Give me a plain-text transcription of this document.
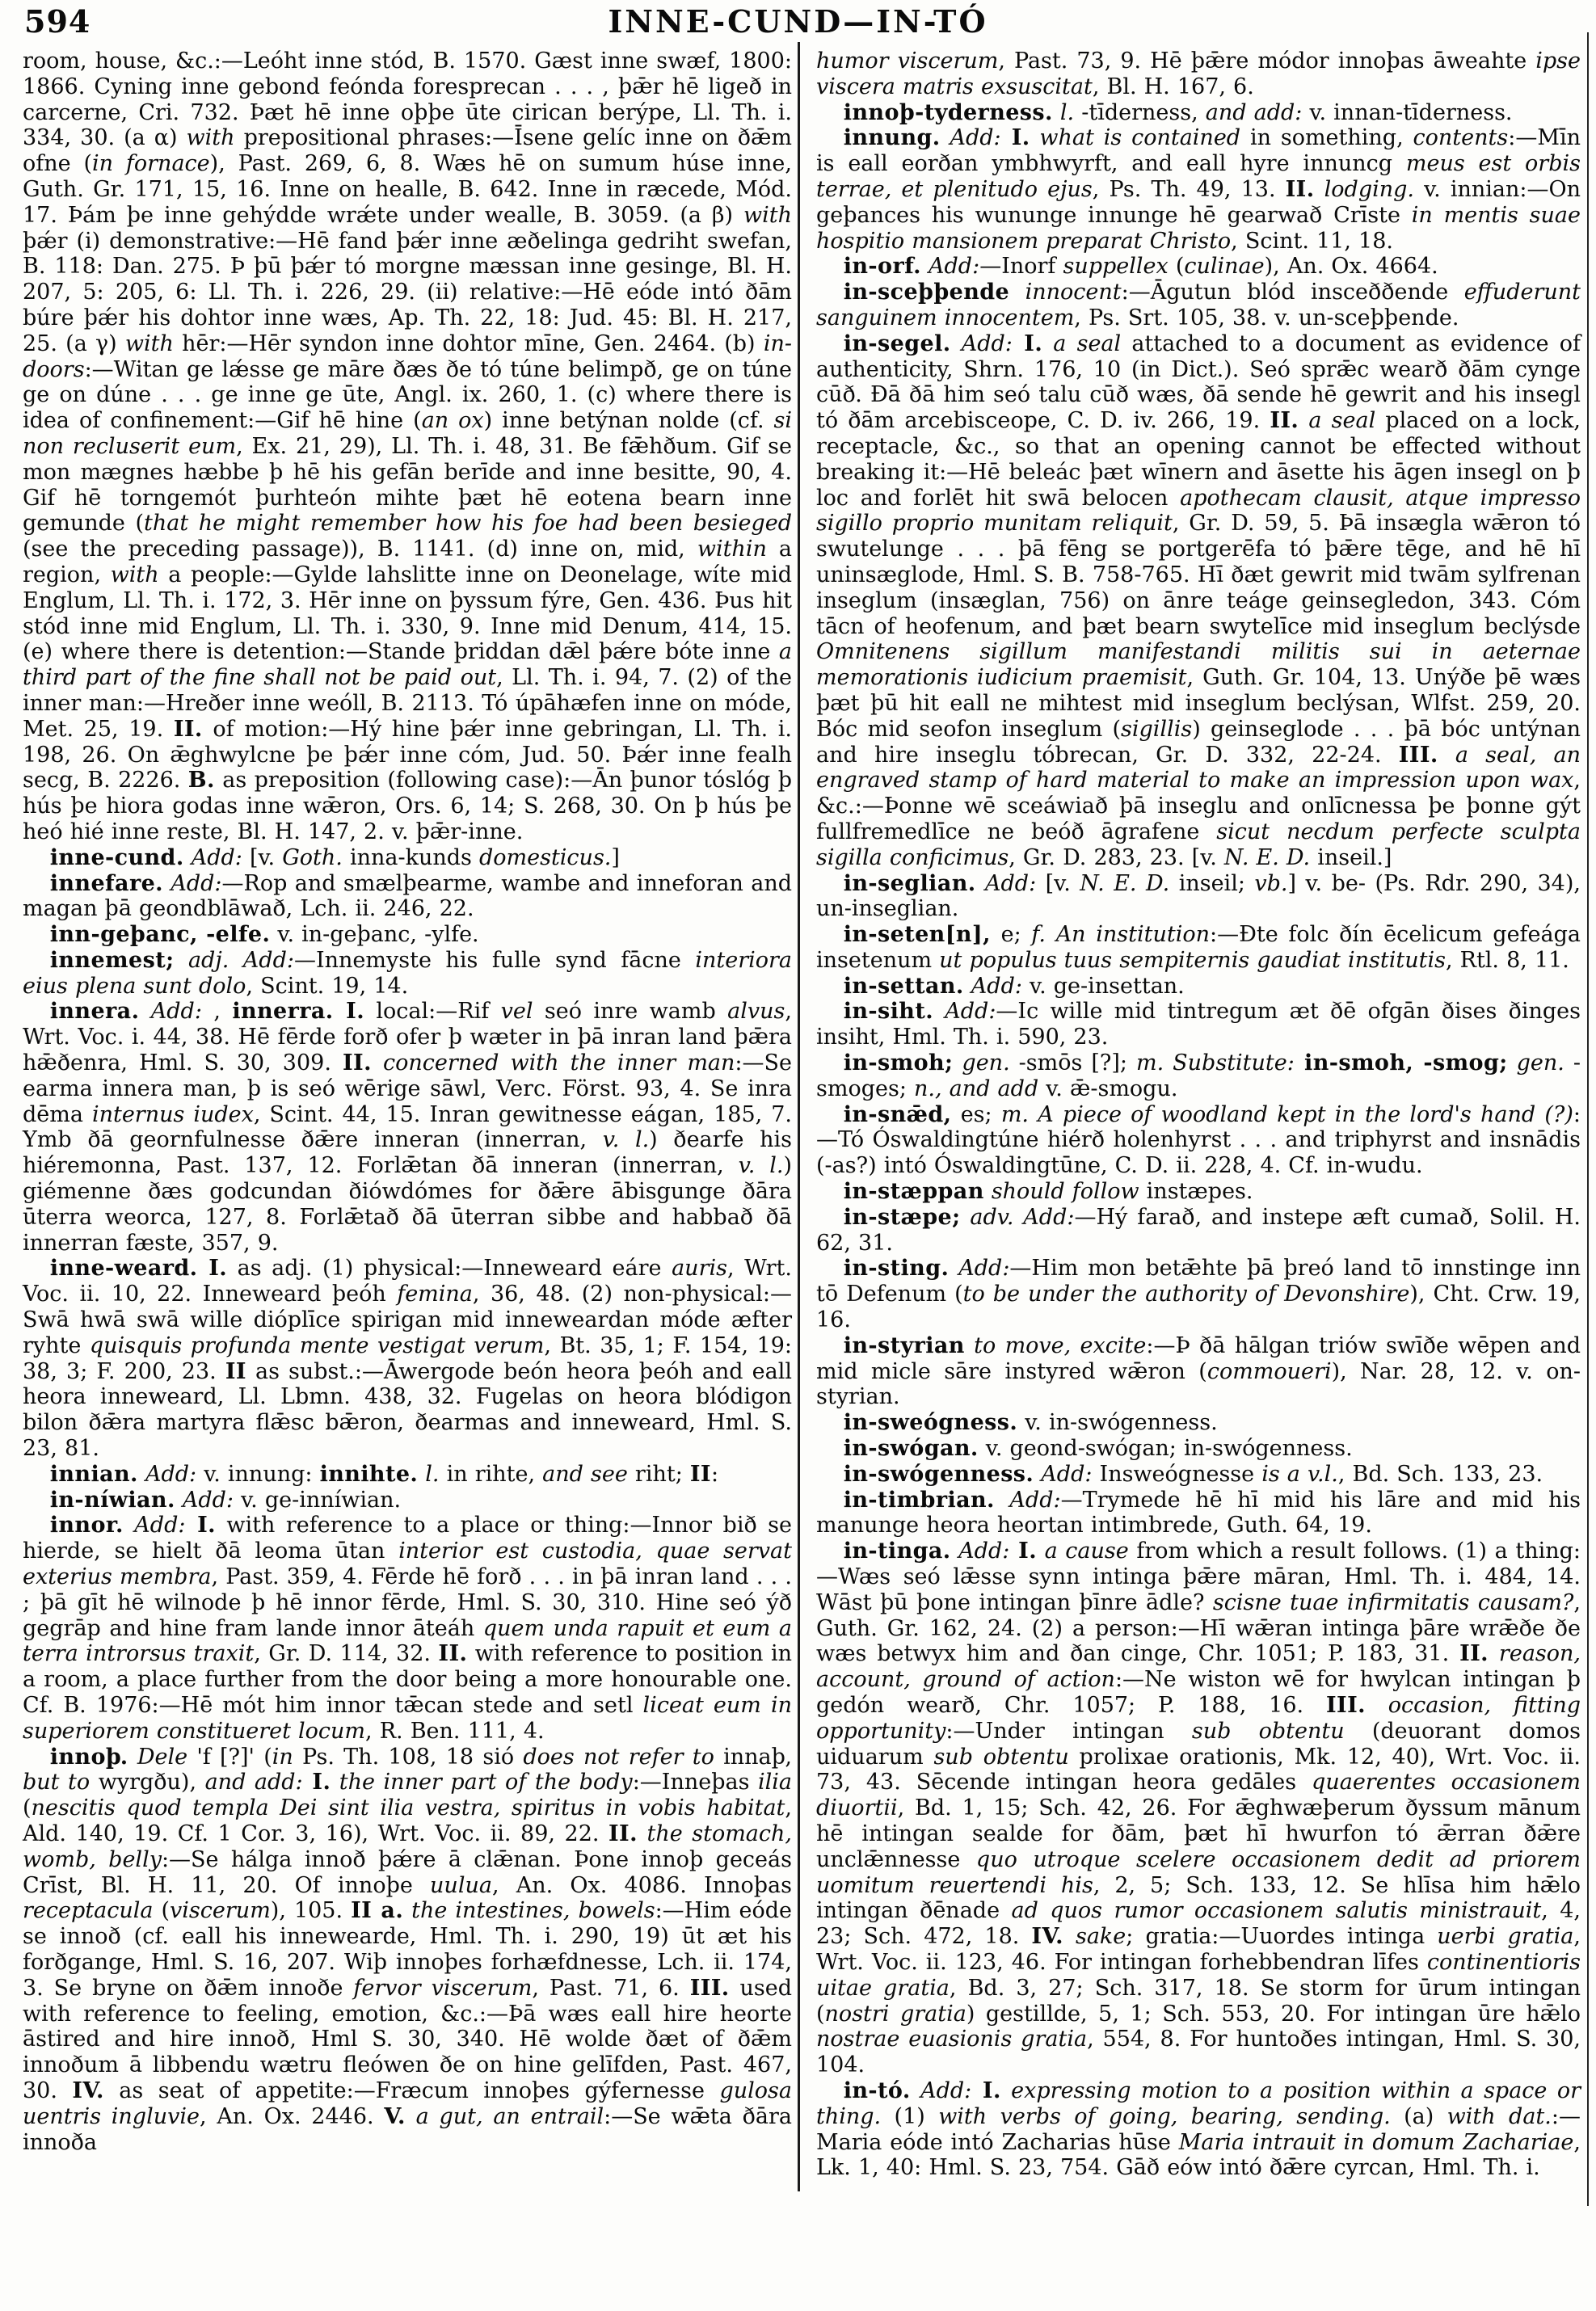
594	INNE-CUND—IN-TÓ

room, house, &c.:—Leóht inne stód, B. 1570. Gæst inne swæf, 1800: 1866. Cyning inne gebond feónda foresprecan . . . , þǣr hē ligeð in carcerne, Cri. 732. Þæt hē inne oþþe ūte cirican berýpe, Ll. Th. i. 334, 30. (a α) with prepositional phrases:—Īsene gelíc inne on ðǣm ofne (in fornace), Past. 269, 6, 8. Wæs hē on sumum húse inne, Guth. Gr. 171, 15, 16. Inne on healle, B. 642. Inne in ræcede, Mód. 17. Þám þe inne gehýdde wrǽte under wealle, B. 3059. (a β) with þǽr (i) demonstrative:—Hē fand þǽr inne æðelinga gedriht swefan, B. 118: Dan. 275. Þ þū þǽr tó morgne mæssan inne gesinge, Bl. H. 207, 5: 205, 6: Ll. Th. i. 226, 29. (ii) relative:—Hē eóde intó ðām búre þǽr his dohtor inne wæs, Ap. Th. 22, 18: Jud. 45: Bl. H. 217, 25. (a γ) with hēr:—Hēr syndon inne dohtor mīne, Gen. 2464. (b) in-doors:—Witan ge lǽsse ge māre ðæs ðe tó túne belimpð, ge on túne ge on dúne . . . ge inne ge ūte, Angl. ix. 260, 1. (c) where there is idea of confinement:—Gif hē hine (an ox) inne betýnan nolde (cf. si non recluserit eum, Ex. 21, 29), Ll. Th. i. 48, 31. Be fǣhðum. Gif se mon mægnes hæbbe þ hē his gefān berīde and inne besitte, 90, 4. Gif hē torngemót þurhteón mihte þæt hē eotena bearn inne gemunde (that he might remember how his foe had been besieged (see the preceding passage)), B. 1141. (d) inne on, mid, within a region, with a people:—Gylde lahslitte inne on Deonelage, wíte mid Englum, Ll. Th. i. 172, 3. Hēr inne on þyssum fýre, Gen. 436. Þus hit stód inne mid Englum, Ll. Th. i. 330, 9. Inne mid Denum, 414, 15. (e) where there is detention:—Stande þriddan dǣl þǽre bóte inne a third part of the fine shall not be paid out, Ll. Th. i. 94, 7. (2) of the inner man:—Hreðer inne weóll, B. 2113. Tó úpāhæfen inne on móde, Met. 25, 19. II. of motion:—Hý hine þǽr inne gebringan, Ll. Th. i. 198, 26. On ǣghwylcne þe þǽr inne cóm, Jud. 50. Þǽr inne fealh secg, B. 2226. B. as preposition (following case):—Ān þunor tóslóg þ hús þe hiora godas inne wǣron, Ors. 6, 14; S. 268, 30. On þ hús þe heó hié inne reste, Bl. H. 147, 2. v. þǣr-inne.

inne-cund. Add: [v. Goth. inna-kunds domesticus.]

innefare. Add:—Rop and smælþearme, wambe and inneforan and magan þā geondblāwað, Lch. ii. 246, 22.

inn-geþanc, -elfe. v. in-geþanc, -ylfe.

innemest; adj. Add:—Innemyste his fulle synd fācne interiora eius plena sunt dolo, Scint. 19, 14.

innera. Add: , innerra. I. local:—Rif vel seó inre wamb alvus, Wrt. Voc. i. 44, 38. Hē fērde forð ofer þ wæter in þā inran land þǣra hǣðenra, Hml. S. 30, 309. II. concerned with the inner man:—Se earma innera man, þ is seó wērige sāwl, Verc. Först. 93, 4. Se inra dēma internus iudex, Scint. 44, 15. Inran gewitnesse eágan, 185, 7. Ymb ðā geornfulnesse ðǣre inneran (innerran, v. l.) ðearfe his hiéremonna, Past. 137, 12. Forlǣtan ðā inneran (innerran, v. l.) giémenne ðæs godcundan ðiówdómes for ðǣre ābisgunge ðāra ūterra weorca, 127, 8. Forlǣtað ðā ūterran sibbe and habbað ðā innerran fæste, 357, 9.

inne-weard. I. as adj. (1) physical:—Inneweard eáre auris, Wrt. Voc. ii. 10, 22. Inneweard þeóh femina, 36, 48. (2) non-physical:—Swā hwā swā wille dióplīce spirigan mid inneweardan móde æfter ryhte quisquis profunda mente vestigat verum, Bt. 35, 1; F. 154, 19: 38, 3; F. 200, 23. II as subst.:—Āwergode beón heora þeóh and eall heora inneweard, Ll. Lbmn. 438, 32. Fugelas on heora blódigon bilon ðǣra martyra flǣsc bǣron, ðearmas and inneweard, Hml. S. 23, 81.

innian. Add: v. innung: innihte. l. in rihte, and see riht; II:

in-níwian. Add: v. ge-inníwian.

innor. Add: I. with reference to a place or thing:—Innor bið se hierde, se hielt ðā leoma ūtan interior est custodia, quae servat exterius membra, Past. 359, 4. Fērde hē forð . . . in þā inran land . . . ; þā gīt hē wilnode þ hē innor fērde, Hml. S. 30, 310. Hine seó ýð gegrāp and hine fram lande innor āteáh quem unda rapuit et eum a terra introrsus traxit, Gr. D. 114, 32. II. with reference to position in a room, a place further from the door being a more honourable one. Cf. B. 1976:—Hē mót him innor tǣcan stede and setl liceat eum in superiorem constitueret locum, R. Ben. 111, 4.

innoþ. Dele 'f [?]' (in Ps. Th. 108, 18 sió does not refer to innaþ, but to wyrgðu), and add: I. the inner part of the body:—Inneþas ilia (nescitis quod templa Dei sint ilia vestra, spiritus in vobis habitat, Ald. 140, 19. Cf. 1 Cor. 3, 16), Wrt. Voc. ii. 89, 22. II. the stomach, womb, belly:—Se hálga innoð þǽre ā clǣnan. Þone innoþ geceás Crīst, Bl. H. 11, 20. Of innoþe uulua, An. Ox. 4086. Innoþas receptacula (viscerum), 105. II a. the intestines, bowels:—Him eóde se innoð (cf. eall his innewearde, Hml. Th. i. 290, 19) ūt æt his forðgange, Hml. S. 16, 207. Wiþ innoþes forhæfdnesse, Lch. ii. 174, 3. Se bryne on ðǣm innoðe fervor viscerum, Past. 71, 6. III. used with reference to feeling, emotion, &c.:—Þā wæs eall hire heorte āstired and hire innoð, Hml S. 30, 340. Hē wolde ðæt of ðǣm innoðum ā libbendu wætru fleówen ðe on hine gelīfden, Past. 467, 30. IV. as seat of appetite:—Fræcum innoþes gýfernesse gulosa uentris ingluvie, An. Ox. 2446. V. a gut, an entrail:—Se wǣta ðāra innoða

humor viscerum, Past. 73, 9. Hē þǣre módor innoþas āweahte ipse viscera matris exsuscitat, Bl. H. 167, 6.

innoþ-tyderness. l. -tīderness, and add: v. innan-tīderness.

innung. Add: I. what is contained in something, contents:—Mīn is eall eorðan ymbhwyrft, and eall hyre innuncg meus est orbis terrae, et plenitudo ejus, Ps. Th. 49, 13. II. lodging. v. innian:—On geþances his wununge innunge hē gearwað Crīste in mentis suae hospitio mansionem preparat Christo, Scint. 11, 18.

in-orf. Add:—Inorf suppellex (culinae), An. Ox. 4664.

in-sceþþende innocent:—Āgutun blód insceððende effuderunt sanguinem innocentem, Ps. Srt. 105, 38. v. un-sceþþende.

in-segel. Add: I. a seal attached to a document as evidence of authenticity, Shrn. 176, 10 (in Dict.). Seó sprǣc wearð ðām cynge cūð. Ðā ðā him seó talu cūð wæs, ðā sende hē gewrit and his insegl tó ðām arcebisceope, C. D. iv. 266, 19. II. a seal placed on a lock, receptacle, &c., so that an opening cannot be effected without breaking it:—Hē beleác þæt wīnern and āsette his āgen insegl on þ loc and forlēt hit swā belocen apothecam clausit, atque impresso sigillo proprio munitam reliquit, Gr. D. 59, 5. Þā insægla wǣron tó swutelunge . . . þā fēng se portgerēfa tó þǣre tēge, and hē hī uninsæglode, Hml. S. B. 758-765. Hī ðæt gewrit mid twām sylfrenan inseglum (insæglan, 756) on ānre teáge geinsegledon, 343. Cóm tācn of heofenum, and þæt bearn swytelīce mid inseglum beclýsde Omnitenens sigillum manifestandi militis sui in aeternae memorationis iudicium praemisit, Guth. Gr. 104, 13. Unýðe þē wæs þæt þū hit eall ne mihtest mid inseglum beclýsan, Wlfst. 259, 20. Bóc mid seofon inseglum (sigillis) geinseglode . . . þā bóc untýnan and hire inseglu tóbrecan, Gr. D. 332, 22-24. III. a seal, an engraved stamp of hard material to make an impression upon wax, &c.:—Þonne wē sceáwiað þā inseglu and onlīcnessa þe þonne gýt fullfremedlīce ne beóð āgrafene sicut necdum perfecte sculpta sigilla conficimus, Gr. D. 283, 23. [v. N. E. D. inseil.]

in-seglian. Add: [v. N. E. D. inseil; vb.] v. be- (Ps. Rdr. 290, 34), un-inseglian.

in-seten[n], e; f. An institution:—Ðte folc ðín ēcelicum gefeága insetenum ut populus tuus sempiternis gaudiat institutis, Rtl. 8, 11.

in-settan. Add: v. ge-insettan.

in-siht. Add:—Ic wille mid tintregum æt ðē ofgān ðises ðinges insiht, Hml. Th. i. 590, 23.

in-smoh; gen. -smōs [?]; m. Substitute: in-smoh, -smog; gen. -smoges; n., and add v. ǣ-smogu.

in-snǣd, es; m. A piece of woodland kept in the lord's hand (?):—Tó Óswaldingtúne hiérð holenhyrst . . . and triphyrst and insnādis (-as?) intó Óswaldingtūne, C. D. ii. 228, 4. Cf. in-wudu.

in-stæppan should follow instæpes.

in-stæpe; adv. Add:—Hý farað, and instepe æft cumað, Solil. H. 62, 31.

in-sting. Add:—Him mon betǣhte þā þreó land tō innstinge inn tō Defenum (to be under the authority of Devonshire), Cht. Crw. 19, 16.

in-styrian to move, excite:—Þ ðā hālgan triów swīðe wēpen and mid micle sāre instyred wǣron (commoueri), Nar. 28, 12. v. on-styrian.

in-sweógness. v. in-swógenness.

in-swógan. v. geond-swógan; in-swógenness.

in-swógenness. Add: Insweógnesse is a v.l., Bd. Sch. 133, 23.

in-timbrian. Add:—Trymede hē hī mid his lāre and mid his manunge heora heortan intimbrede, Guth. 64, 19.

in-tinga. Add: I. a cause from which a result follows. (1) a thing:—Wæs seó lǣsse synn intinga þǣre māran, Hml. Th. i. 484, 14. Wāst þū þone intingan þīnre ādle? scisne tuae infirmitatis causam?, Guth. Gr. 162, 24. (2) a person:—Hī wǣran intinga þāre wrǣðe ðe wæs betwyx him and ðan cinge, Chr. 1051; P. 183, 31. II. reason, account, ground of action:—Ne wiston wē for hwylcan intingan þ gedón wearð, Chr. 1057; P. 188, 16. III. occasion, fitting opportunity:—Under intingan sub obtentu (deuorant domos uiduarum sub obtentu prolixae orationis, Mk. 12, 40), Wrt. Voc. ii. 73, 43. Sēcende intingan heora gedāles quaerentes occasionem diuortii, Bd. 1, 15; Sch. 42, 26. For ǣghwæþerum ðyssum mānum hē intingan sealde for ðām, þæt hī hwurfon tó ǣrran ðǣre unclǣnnesse quo utroque scelere occasionem dedit ad priorem uomitum reuertendi his, 2, 5; Sch. 133, 12. Se hlīsa him hǣlo intingan ðēnade ad quos rumor occasionem salutis ministrauit, 4, 23; Sch. 472, 18. IV. sake; gratia:—Uuordes intinga uerbi gratia, Wrt. Voc. ii. 123, 46. For intingan forhebbendran līfes continentioris uitae gratia, Bd. 3, 27; Sch. 317, 18. Se storm for ūrum intingan (nostri gratia) gestillde, 5, 1; Sch. 553, 20. For intingan ūre hǣlo nostrae euasionis gratia, 554, 8. For huntoðes intingan, Hml. S. 30, 104.

in-tó. Add: I. expressing motion to a position within a space or thing. (1) with verbs of going, bearing, sending. (a) with dat.:—Maria eóde intó Zacharias hūse Maria intrauit in domum Zachariae, Lk. 1, 40: Hml. S. 23, 754. Gāð eów intó ðǣre cyrcan, Hml. Th. i.
